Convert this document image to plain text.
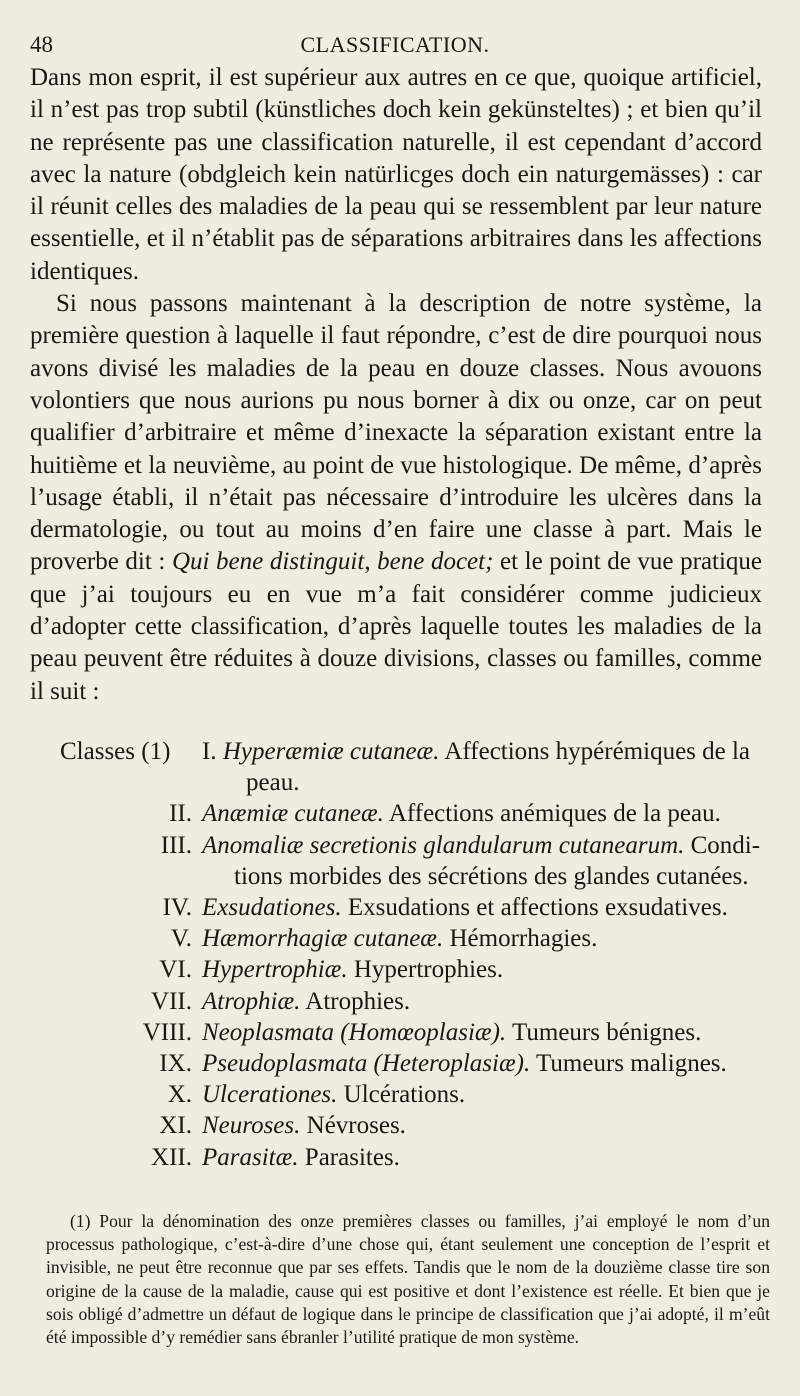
48	CLASSIFICATION.

Dans mon esprit, il est supérieur aux autres en ce que, quoique artificiel, il n’est pas trop subtil (künstliches doch kein gekünsteltes) ; et bien qu’il ne représente pas une classification naturelle, il est cependant d’accord avec la nature (obdgleich kein natürlicges doch ein naturgemässes) : car il réunit celles des maladies de la peau qui se ressemblent par leur nature essentielle, et il n’établit pas de séparations arbitraires dans les affections identiques.

Si nous passons maintenant à la description de notre système, la première question à laquelle il faut répondre, c’est de dire pourquoi nous avons divisé les maladies de la peau en douze classes. Nous avouons volontiers que nous aurions pu nous borner à dix ou onze, car on peut qualifier d’arbitraire et même d’inexacte la séparation existant entre la huitième et la neuvième, au point de vue histologique. De même, d’après l’usage établi, il n’était pas nécessaire d’introduire les ulcères dans la dermatologie, ou tout au moins d’en faire une classe à part. Mais le proverbe dit : Qui bene distinguit, bene docet; et le point de vue pratique que j’ai toujours eu en vue m’a fait considérer comme judicieux d’adopter cette classification, d’après laquelle toutes les maladies de la peau peuvent être réduites à douze divisions, classes ou familles, comme il suit :

Classes (1) I. Hyperæmiæ cutaneæ. Affections hypérémiques de la
peau.
II. Anæmiæ cutaneæ. Affections anémiques de la peau.
III. Anomaliæ secretionis glandularum cutanearum. Condi-
tions morbides des sécrétions des glandes cutanées.
IV. Exsudationes. Exsudations et affections exsudatives.
V. Hæmorrhagiæ cutaneæ. Hémorrhagies.
VI. Hypertrophiæ. Hypertrophies.
VII. Atrophiæ. Atrophies.
VIII. Neoplasmata (Homœoplasiæ). Tumeurs bénignes.
IX. Pseudoplasmata (Heteroplasiæ). Tumeurs malignes.
X. Ulcerationes. Ulcérations.
XI. Neuroses. Névroses.
XII. Parasitæ. Parasites.

(1) Pour la dénomination des onze premières classes ou familles, j’ai employé le nom d’un processus pathologique, c’est-à-dire d’une chose qui, étant seulement une conception de l’esprit et invisible, ne peut être reconnue que par ses effets. Tandis que le nom de la douzième classe tire son origine de la cause de la maladie, cause qui est positive et dont l’existence est réelle. Et bien que je sois obligé d’admettre un défaut de logique dans le principe de classification que j’ai adopté, il m’eût été impossible d’y remédier sans ébranler l’utilité pratique de mon système.
